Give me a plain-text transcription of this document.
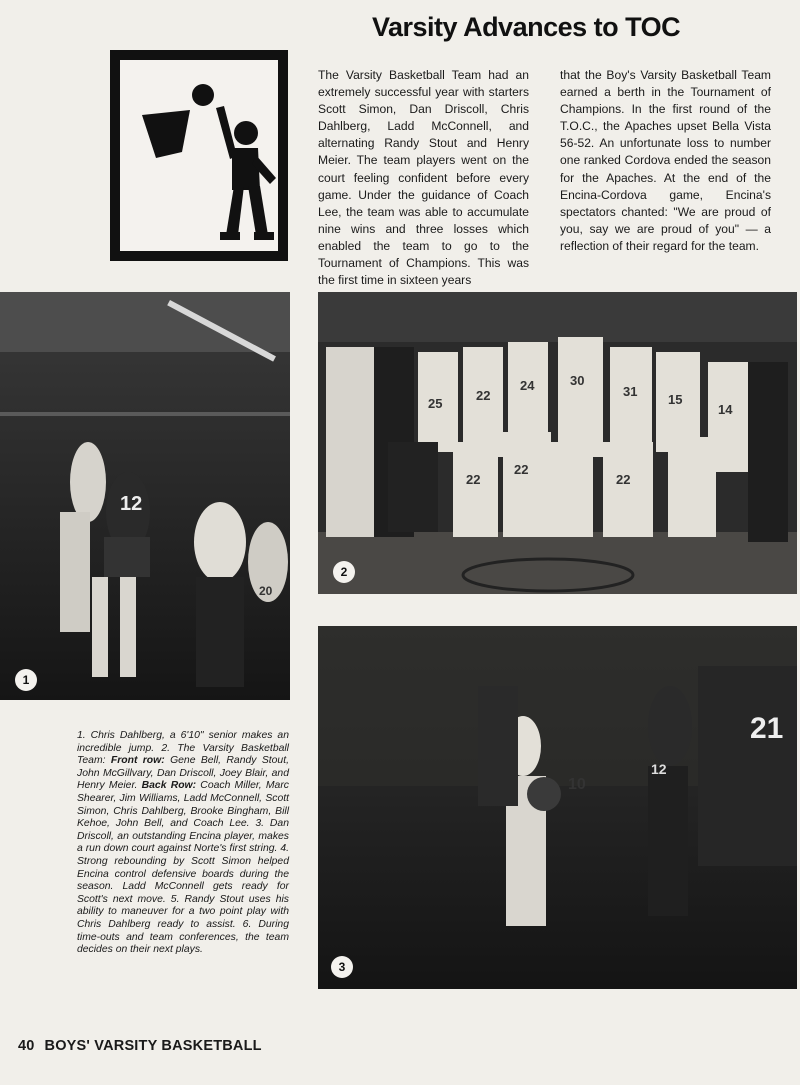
Varsity Advances to TOC
The Varsity Basketball Team had an extremely successful year with starters Scott Simon, Dan Driscoll, Chris Dahlberg, Ladd McConnell, and alternating Randy Stout and Henry Meier. The team players went on the court feeling confident before every game. Under the guidance of Coach Lee, the team was able to accumulate nine wins and three losses which enabled the team to go to the Tournament of Champions. This was the first time in sixteen years
that the Boy's Varsity Basketball Team earned a berth in the Tournament of Champions. In the first round of the T.O.C., the Apaches upset Bella Vista 56-52. An unfortunate loss to number one ranked Cordova ended the season for the Apaches. At the end of the Encina-Cordova game, Encina's spectators chanted: "We are proud of you, say we are proud of you" — a reflection of their regard for the team.
12
20
1
25
22
24	30
31
15
14
22
22
22
2
21
12
10
3
1. Chris Dahlberg, a 6'10" senior makes an incredible jump. 2. The Varsity Basketball Team: Front row: Gene Bell, Randy Stout, John McGillvary, Dan Driscoll, Joey Blair, and Henry Meier. Back Row: Coach Miller, Marc Shearer, Jim Williams, Ladd McConnell, Scott Simon, Chris Dahlberg, Brooke Bingham, Bill Kehoe, John Bell, and Coach Lee. 3. Dan Driscoll, an outstanding Encina player, makes a run down court against Norte's first string. 4. Strong rebounding by Scott Simon helped Encina control defensive boards during the season. Ladd McConnell gets ready for Scott's next move. 5. Randy Stout uses his ability to maneuver for a two point play with Chris Dahlberg ready to assist. 6. During time-outs and team conferences, the team decides on their next plays.
40 BOYS' VARSITY BASKETBALL
